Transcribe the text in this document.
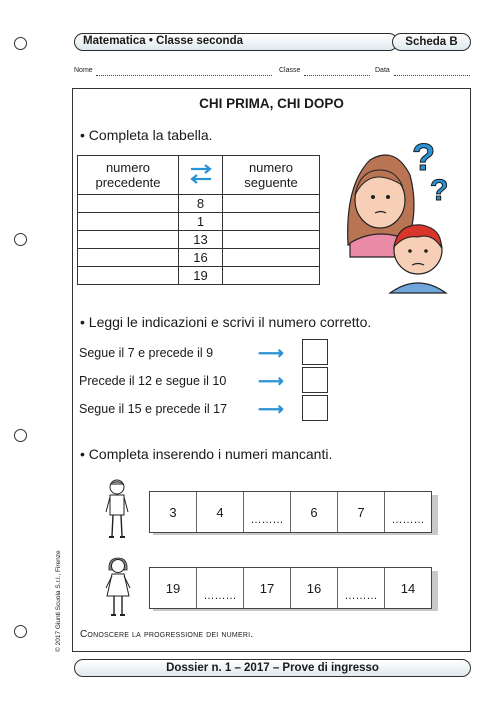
Matematica • Classe seconda	Scheda B
Nome	Classe	Data
CHI PRIMA, CHI DOPO
• Completa la tabella.
numero precedente		numero seguente
	8	
	1	
	13	
	16	
	19	
?
?
• Leggi le indicazioni e scrivi il numero corretto.
Segue il 7 e precede il 9 ⟶
Precede il 12 e segue il 10 ⟶
Segue il 15 e precede il 17 ⟶
• Completa inserendo i numeri mancanti.
3	4
………
6	7
………
19
………
17	16
………
14
Conoscere la progressione dei numeri.
© 2017 Giunti Scuola S.r.l., Firenze
Dossier n. 1 – 2017 – Prove di ingresso
